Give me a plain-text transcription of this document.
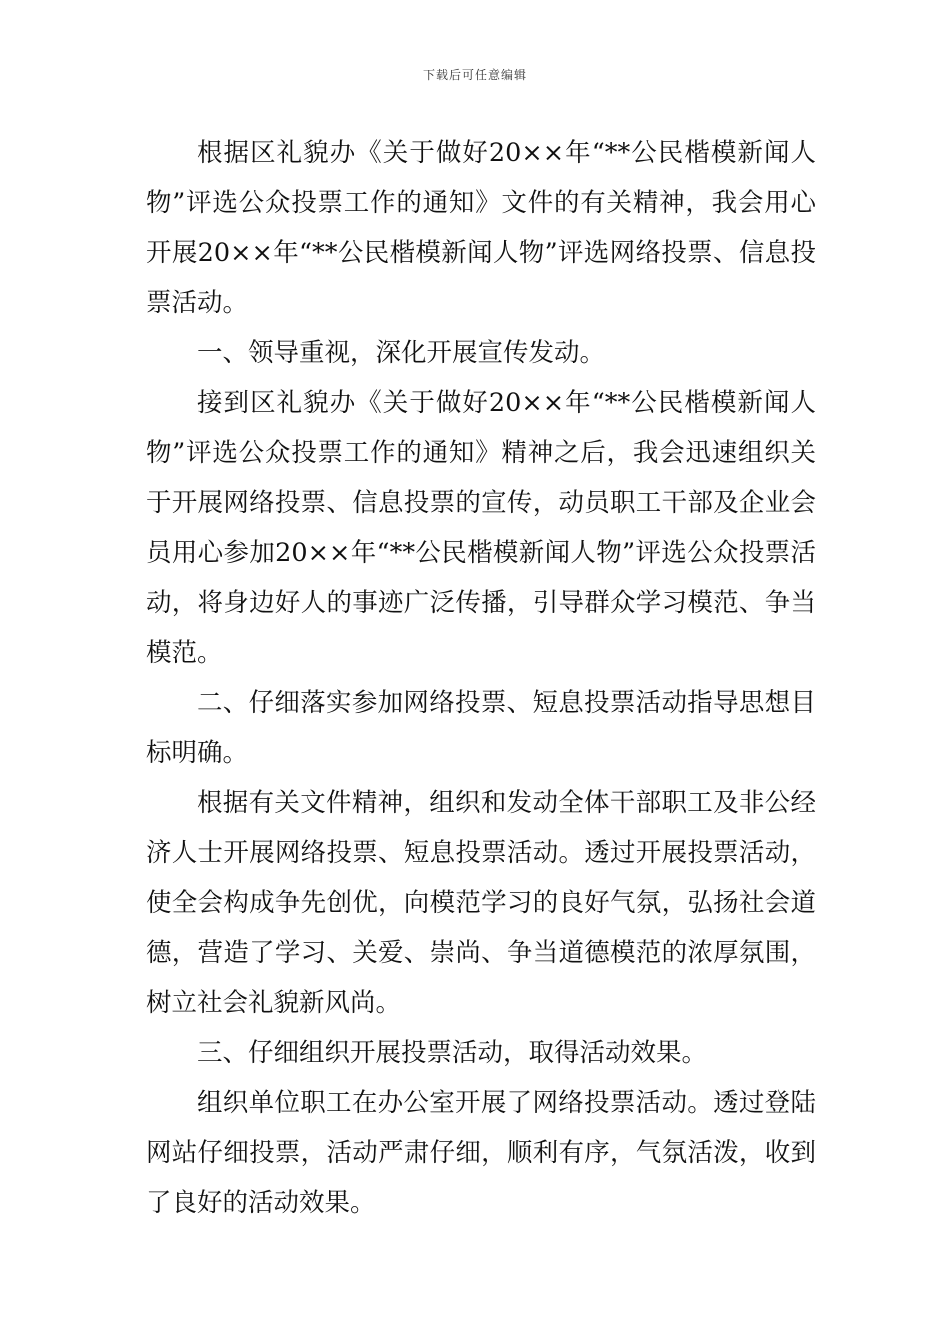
下载后可任意编辑

根据区礼貌办《关于做好20××年“**公民楷模新闻人物”评选公众投票工作的通知》文件的有关精神，我会用心开展20××年“**公民楷模新闻人物”评选网络投票、信息投票活动。

一、领导重视，深化开展宣传发动。

接到区礼貌办《关于做好20××年“**公民楷模新闻人物”评选公众投票工作的通知》精神之后，我会迅速组织关于开展网络投票、信息投票的宣传，动员职工干部及企业会员用心参加20××年“**公民楷模新闻人物”评选公众投票活动，将身边好人的事迹广泛传播，引导群众学习模范、争当模范。

二、仔细落实参加网络投票、短息投票活动指导思想目标明确。

根据有关文件精神，组织和发动全体干部职工及非公经济人士开展网络投票、短息投票活动。透过开展投票活动，使全会构成争先创优，向模范学习的良好气氛，弘扬社会道德，营造了学习、关爱、崇尚、争当道德模范的浓厚氛围，树立社会礼貌新风尚。

三、仔细组织开展投票活动，取得活动效果。

组织单位职工在办公室开展了网络投票活动。透过登陆网站仔细投票，活动严肃仔细，顺利有序，气氛活泼，收到了良好的活动效果。
